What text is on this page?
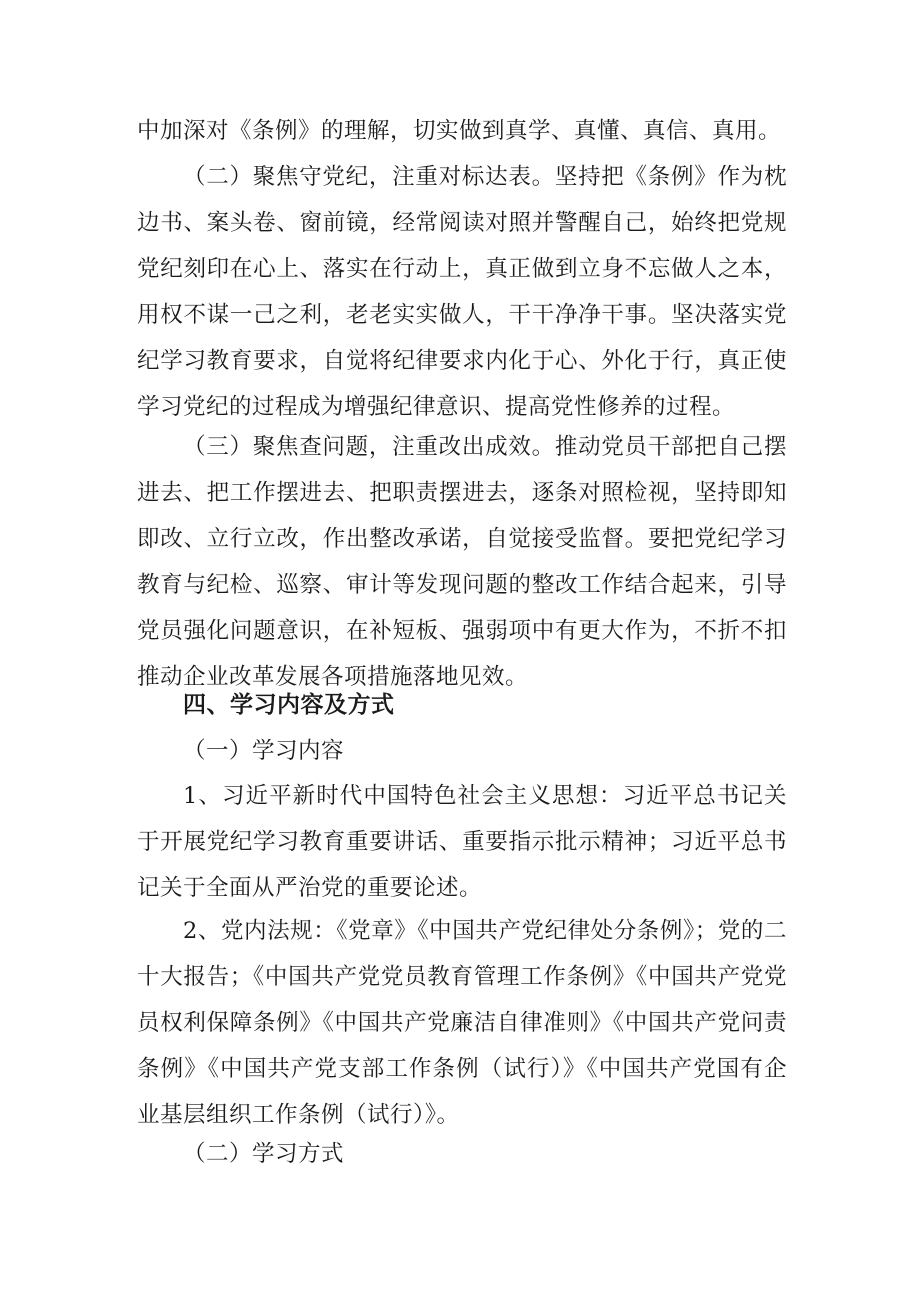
中加深对《条例》的理解，切实做到真学、真懂、真信、真用。

（二）聚焦守党纪，注重对标达表。坚持把《条例》作为枕边书、案头卷、窗前镜，经常阅读对照并警醒自己，始终把党规党纪刻印在心上、落实在行动上，真正做到立身不忘做人之本，用权不谋一己之利，老老实实做人，干干净净干事。坚决落实党纪学习教育要求，自觉将纪律要求内化于心、外化于行，真正使学习党纪的过程成为增强纪律意识、提高党性修养的过程。

（三）聚焦查问题，注重改出成效。推动党员干部把自己摆进去、把工作摆进去、把职责摆进去，逐条对照检视，坚持即知即改、立行立改，作出整改承诺，自觉接受监督。要把党纪学习教育与纪检、巡察、审计等发现问题的整改工作结合起来，引导党员强化问题意识，在补短板、强弱项中有更大作为，不折不扣推动企业改革发展各项措施落地见效。

四、学习内容及方式

（一）学习内容

1、习近平新时代中国特色社会主义思想：习近平总书记关于开展党纪学习教育重要讲话、重要指示批示精神；习近平总书记关于全面从严治党的重要论述。

2、党内法规：《党章》《中国共产党纪律处分条例》；党的二十大报告；《中国共产党党员教育管理工作条例》《中国共产党党员权利保障条例》《中国共产党廉洁自律准则》《中国共产党问责条例》《中国共产党支部工作条例（试行）》《中国共产党国有企业基层组织工作条例（试行）》。

（二）学习方式
